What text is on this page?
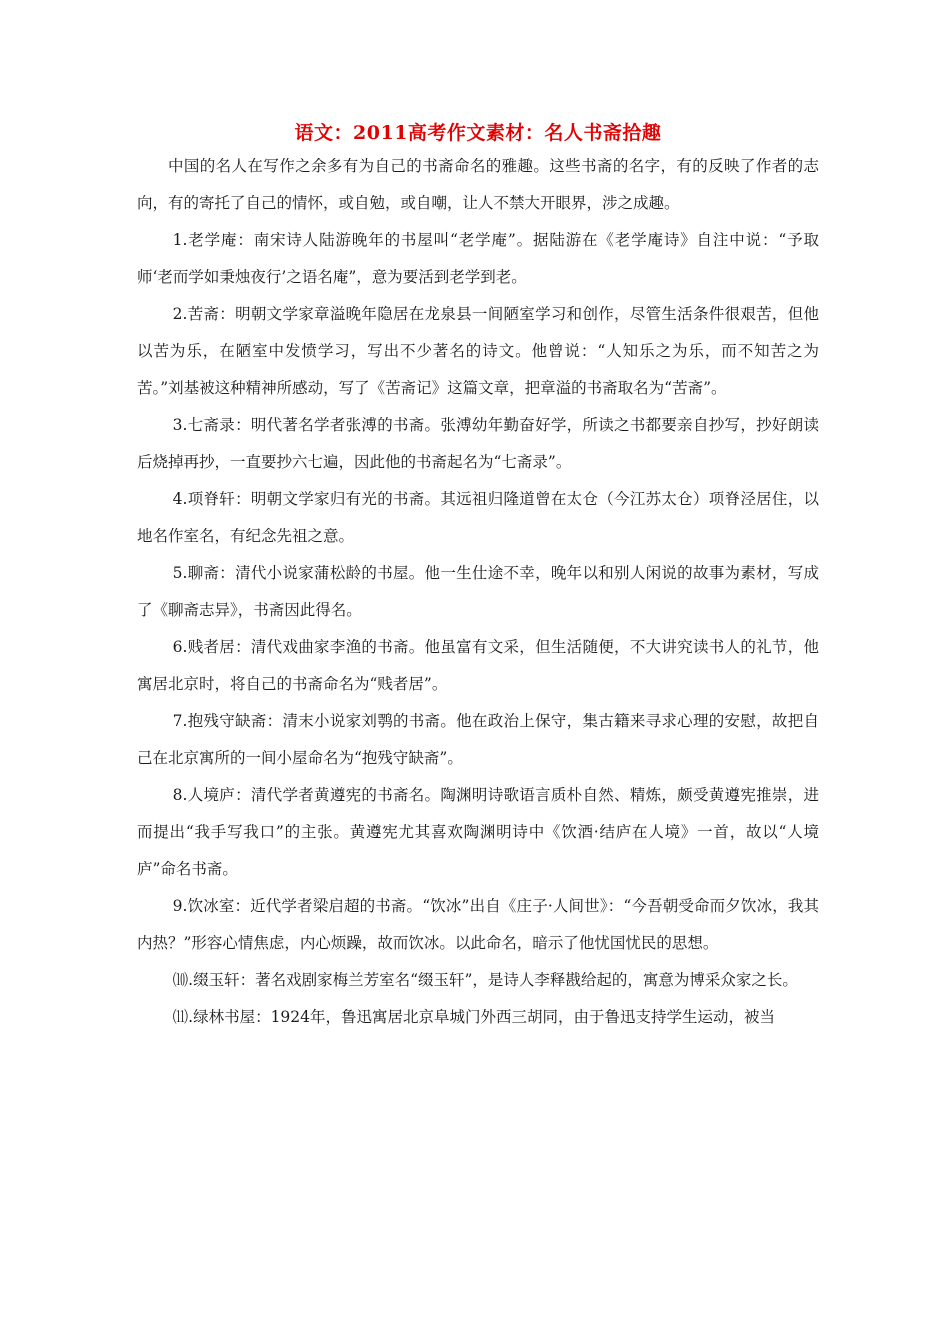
语文：2011高考作文素材：名人书斋拾趣

中国的名人在写作之余多有为自己的书斋命名的雅趣。这些书斋的名字，有的反映了作者的志向，有的寄托了自己的情怀，或自勉，或自嘲，让人不禁大开眼界，涉之成趣。

1.老学庵：南宋诗人陆游晚年的书屋叫“老学庵”。据陆游在《老学庵诗》自注中说：“予取师‘老而学如秉烛夜行’之语名庵”，意为要活到老学到老。

2.苦斋：明朝文学家章溢晚年隐居在龙泉县一间陋室学习和创作，尽管生活条件很艰苦，但他以苦为乐，在陋室中发愤学习，写出不少著名的诗文。他曾说：“人知乐之为乐，而不知苦之为苦。”刘基被这种精神所感动，写了《苦斋记》这篇文章，把章溢的书斋取名为“苦斋”。

3.七斋录：明代著名学者张溥的书斋。张溥幼年勤奋好学，所读之书都要亲自抄写，抄好朗读后烧掉再抄，一直要抄六七遍，因此他的书斋起名为“七斋录”。

4.项脊轩：明朝文学家归有光的书斋。其远祖归隆道曾在太仓（今江苏太仓）项脊泾居住，以地名作室名，有纪念先祖之意。

5.聊斋：清代小说家蒲松龄的书屋。他一生仕途不幸，晚年以和别人闲说的故事为素材，写成了《聊斋志异》，书斋因此得名。

6.贱者居：清代戏曲家李渔的书斋。他虽富有文采，但生活随便，不大讲究读书人的礼节，他寓居北京时，将自己的书斋命名为“贱者居”。

7.抱残守缺斋：清末小说家刘鹗的书斋。他在政治上保守，集古籍来寻求心理的安慰，故把自己在北京寓所的一间小屋命名为“抱残守缺斋”。

8.人境庐：清代学者黄遵宪的书斋名。陶渊明诗歌语言质朴自然、精炼，颇受黄遵宪推崇，进而提出“我手写我口”的主张。黄遵宪尤其喜欢陶渊明诗中《饮酒·结庐在人境》一首，故以“人境庐”命名书斋。

9.饮冰室：近代学者梁启超的书斋。“饮冰”出自《庄子·人间世》：“今吾朝受命而夕饮冰，我其内热？”形容心情焦虑，内心烦躁，故而饮冰。以此命名，暗示了他忧国忧民的思想。

⑽.缀玉轩：著名戏剧家梅兰芳室名“缀玉轩”，是诗人李释戡给起的，寓意为博采众家之长。

⑾.绿林书屋：1924年，鲁迅寓居北京阜城门外西三胡同，由于鲁迅支持学生运动，被当
